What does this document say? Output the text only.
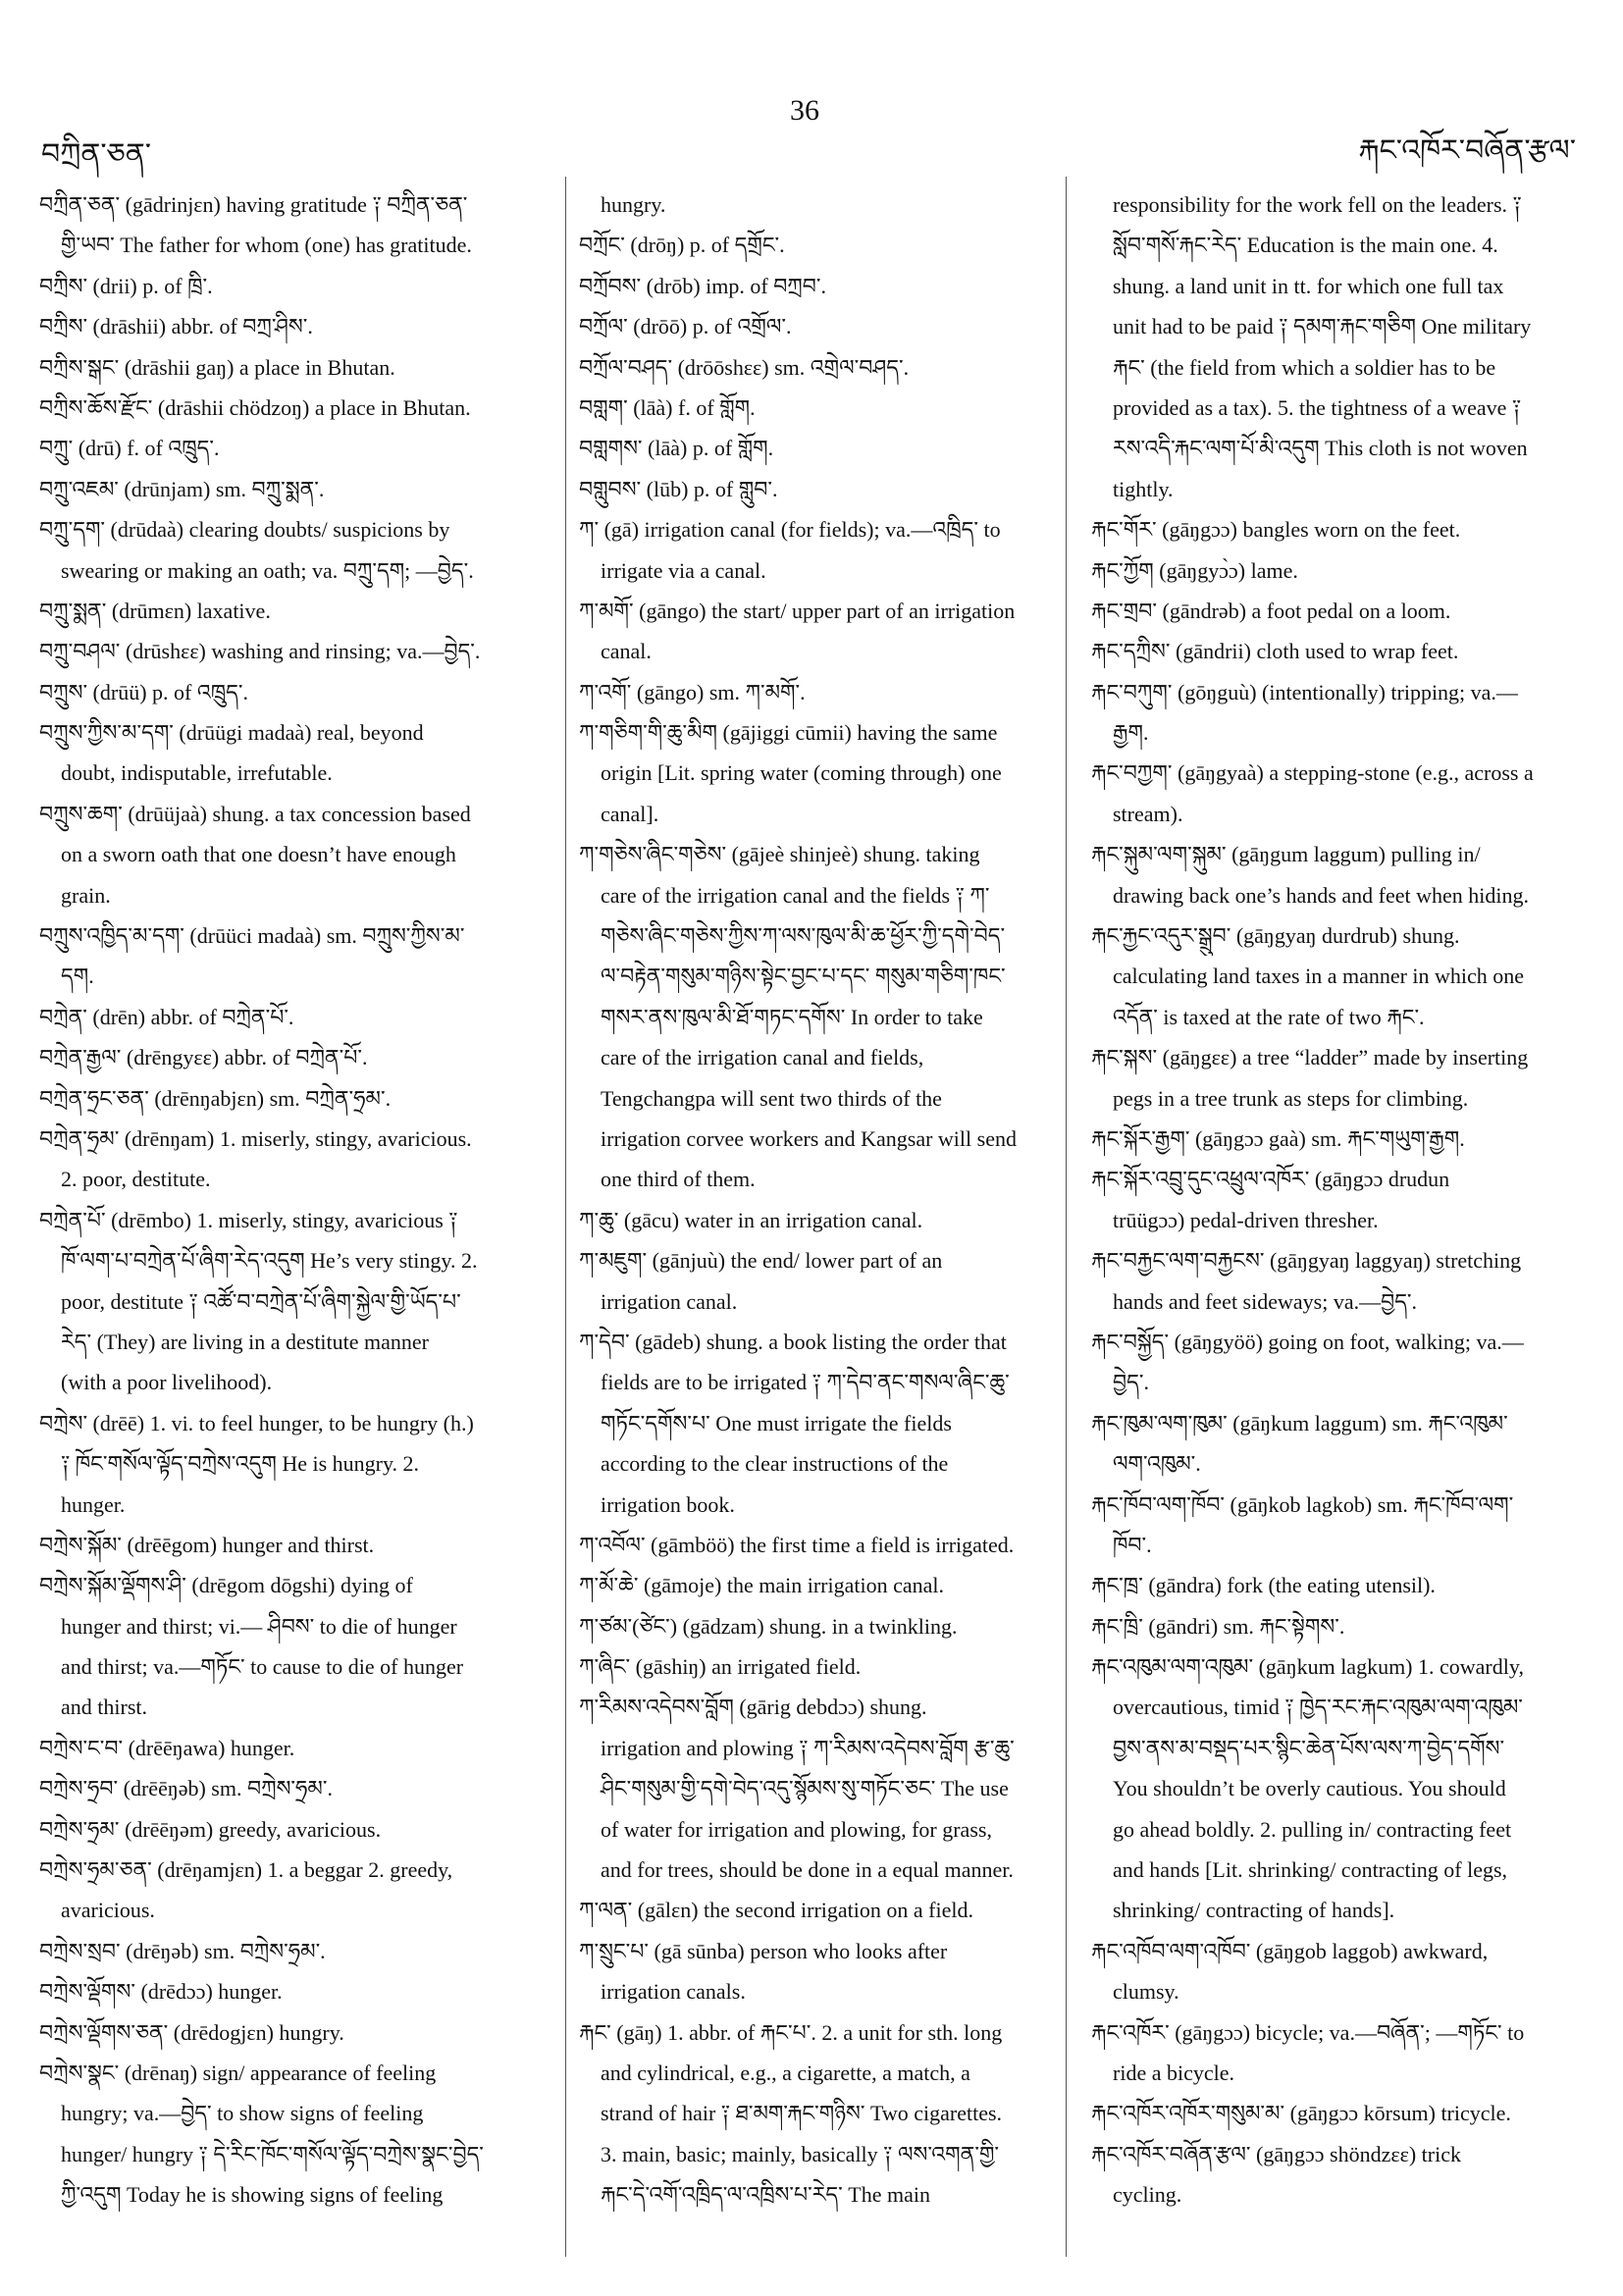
བཀྲིན་ཅན་
36
རྐང་འཁོར་བཞོན་རྩལ་
བཀྲིན་ཅན་ (gādrinjɛn) having gratitude ༑ བཀྲིན་ཅན་
གྱི་ཡབ་ The father for whom (one) has gratitude.
བཀྲིས་ (drii) p. of ཁྲི་.
བཀྲིས་ (drāshii) abbr. of བཀྲ་ཤིས་.
བཀྲིས་སྒང་ (drāshii gaŋ) a place in Bhutan.
བཀྲིས་ཆོས་རྫོང་ (drāshii chödzoŋ) a place in Bhutan.
བཀྲུ་ (drū) f. of འཁྲུད་.
བཀྲུ་འཇམ་ (drūnjam) sm. བཀྲུ་སྨན་.
བཀྲུ་དག་ (drūdaà) clearing doubts/ suspicions by
swearing or making an oath; va. བཀྲུ་དག; —བྱེད་.
བཀྲུ་སྨན་ (drūmɛn) laxative.
བཀྲུ་བཤལ་ (drūshɛɛ) washing and rinsing; va.—བྱེད་.
བཀྲུས་ (drūü) p. of འཁྲུད་.
བཀྲུས་ཀྱིས་མ་དག་ (drūügi madaà) real, beyond
doubt, indisputable, irrefutable.
བཀྲུས་ཆག་ (drūüjaà) shung. a tax concession based
on a sworn oath that one doesn’t have enough
grain.
བཀྲུས་འཁྱིད་མ་དག་ (drūüci madaà) sm. བཀྲུས་ཀྱིས་མ་
དག.
བཀྲེན་ (drēn) abbr. of བཀྲེན་པོ་.
བཀྲེན་རྒྱལ་ (drēngyɛɛ) abbr. of བཀྲེན་པོ་.
བཀྲེན་ཧྲང་ཅན་ (drēnŋabjɛn) sm. བཀྲེན་ཧྲམ་.
བཀྲེན་ཧྲམ་ (drēnŋam) 1. miserly, stingy, avaricious.
2. poor, destitute.
བཀྲེན་པོ་ (drēmbo) 1. miserly, stingy, avaricious ༑
ཁོ་ལག་པ་བཀྲེན་པོ་ཞིག་རེད་འདུག He’s very stingy. 2.
poor, destitute ༑ འཚོ་བ་བཀྲེན་པོ་ཞིག་སྐྱེལ་གྱི་ཡོད་པ་
རེད་ (They) are living in a destitute manner
(with a poor livelihood).
བཀྲེས་ (drēē) 1. vi. to feel hunger, to be hungry (h.)
༑ ཁོང་གསོལ་ལྟོད་བཀྲེས་འདུག He is hungry. 2.
hunger.
བཀྲེས་སྐོམ་ (drēēgom) hunger and thirst.
བཀྲེས་སྐོམ་ལྡོགས་ཤི་ (drēgom dōgshi) dying of
hunger and thirst; vi.— ཤིབས་ to die of hunger
and thirst; va.—གཏོང་ to cause to die of hunger
and thirst.
བཀྲེས་ང་བ་ (drēēŋawa) hunger.
བཀྲེས་ཧྲབ་ (drēēŋəb) sm. བཀྲེས་ཧྲམ་.
བཀྲེས་ཧྲམ་ (drēēŋəm) greedy, avaricious.
བཀྲེས་ཧྲམ་ཅན་ (drēŋamjɛn) 1. a beggar 2. greedy,
avaricious.
བཀྲེས་སྲབ་ (drēŋəb) sm. བཀྲེས་ཧྲམ་.
བཀྲེས་ལྡོགས་ (drēdɔɔ) hunger.
བཀྲེས་ལྡོགས་ཅན་ (drēdogjɛn) hungry.
བཀྲེས་སྣང་ (drēnaŋ) sign/ appearance of feeling
hungry; va.—བྱེད་ to show signs of feeling
hunger/ hungry ༑ དེ་རིང་ཁོང་གསོལ་ལྟོད་བཀྲེས་སྣང་བྱེད་
ཀྱི་འདུག Today he is showing signs of feeling
hungry.
བཀྲོང་ (drōŋ) p. of དགྲོང་.
བཀྲོབས་ (drōb) imp. of བཀྲབ་.
བཀྲོལ་ (drōō) p. of འགྲོལ་.
བཀྲོལ་བཤད་ (drōōshɛɛ) sm. འགྲེལ་བཤད་.
བགླག་ (lāà) f. of གློག.
བགླགས་ (lāà) p. of གློག.
བགླུབས་ (lūb) p. of གླུབ་.
ཀ་ (gā) irrigation canal (for fields); va.—འཁྲིད་ to
irrigate via a canal.
ཀ་མགོ་ (gāngo) the start/ upper part of an irrigation
canal.
ཀ་འགོ་ (gāngo) sm. ཀ་མགོ་.
ཀ་གཅིག་གི་ཆུ་མིག (gājiggi cūmii) having the same
origin [Lit. spring water (coming through) one
canal].
ཀ་གཅེས་ཞིང་གཅེས་ (gājeè shinjeè) shung. taking
care of the irrigation canal and the fields ༑ ཀ་
གཅེས་ཞིང་གཅེས་ཀྱིས་ཀ་ལས་ཁུལ་མི་ཆ་ཕྱོར་ཀྱི་དགེ་བེད་
ལ་བརྟེན་གསུམ་གཉིས་སྟེང་བྱང་པ་དང་ གསུམ་གཅིག་ཁང་
གསར་ནས་ཁུལ་མི་ཐོ་གཏང་དགོས་ In order to take
care of the irrigation canal and fields,
Tengchangpa will sent two thirds of the
irrigation corvee workers and Kangsar will send
one third of them.
ཀ་ཆུ་ (gācu) water in an irrigation canal.
ཀ་མཇུག་ (gānjuù) the end/ lower part of an
irrigation canal.
ཀ་དེབ་ (gādeb) shung. a book listing the order that
fields are to be irrigated ༑ ཀ་དེབ་ནང་གསལ་ཞིང་ཆུ་
གཏོང་དགོས་པ་ One must irrigate the fields
according to the clear instructions of the
irrigation book.
ཀ་འབོལ་ (gāmböö) the first time a field is irrigated.
ཀ་མོ་ཆེ་ (gāmoje) the main irrigation canal.
ཀ་ཙམ་(ཙེང་) (gādzam) shung. in a twinkling.
ཀ་ཞིང་ (gāshiŋ) an irrigated field.
ཀ་རིམས་འདེབས་བློག (gārig debdɔɔ) shung.
irrigation and plowing ༑ ཀ་རིམས་འདེབས་བློག རྩ་ཆུ་
ཤིང་གསུམ་གྱི་དགེ་བེད་འདུ་སྙོམས་སུ་གཏོང་ཅང་ The use
of water for irrigation and plowing, for grass,
and for trees, should be done in a equal manner.
ཀ་ལན་ (gālɛn) the second irrigation on a field.
ཀ་སྲུང་པ་ (gā sūnba) person who looks after
irrigation canals.
རྐང་ (gāŋ) 1. abbr. of རྐང་པ་. 2. a unit for sth. long
and cylindrical, e.g., a cigarette, a match, a
strand of hair ༑ ཐ་མག་རྐང་གཉིས་ Two cigarettes.
3. main, basic; mainly, basically ༑ ལས་འགན་གྱི་
རྐང་དེ་འགོ་འཁྲིད་ལ་འཁྲིས་པ་རེད་ The main
responsibility for the work fell on the leaders. ༑
སློབ་གསོ་རྐང་རེད་ Education is the main one. 4.
shung. a land unit in tt. for which one full tax
unit had to be paid ༑ དམག་རྐང་གཅིག One military
རྐང་ (the field from which a soldier has to be
provided as a tax). 5. the tightness of a weave ༑
རས་འདི་རྐང་ལག་པོ་མི་འདུག This cloth is not woven
tightly.
རྐང་གོར་ (gāŋgɔɔ) bangles worn on the feet.
རྐང་ཀྱོག (gāŋgyɔ̀ɔ) lame.
རྐང་གྲབ་ (gāndrəb) a foot pedal on a loom.
རྐང་དཀྲིས་ (gāndrii) cloth used to wrap feet.
རྐང་བཀུག་ (gōŋguù) (intentionally) tripping; va.—
རྒྱག.
རྐང་བཀྱག་ (gāŋgyaà) a stepping-stone (e.g., across a
stream).
རྐང་སྐུམ་ལག་སྐུམ་ (gāŋgum laggum) pulling in/
drawing back one’s hands and feet when hiding.
རྐང་རྐྱང་འདུར་སྒྲུབ་ (gāŋgyaŋ durdrub) shung.
calculating land taxes in a manner in which one
འདོན་ is taxed at the rate of two རྐང་.
རྐང་སྐས་ (gāŋgɛɛ) a tree “ladder” made by inserting
pegs in a tree trunk as steps for climbing.
རྐང་སྐོར་རྒྱག་ (gāŋgɔɔ gaà) sm. རྐང་གཡུག་རྒྱག.
རྐང་སྐོར་འབྲུ་དུང་འཕྲུལ་འཁོར་ (gāŋgɔɔ drudun
trūügɔɔ) pedal-driven thresher.
རྐང་བརྐྱང་ལག་བརྐྱངས་ (gāŋgyaŋ laggyaŋ) stretching
hands and feet sideways; va.—བྱེད་.
རྐང་བསྐྱོད་ (gāŋgyöö) going on foot, walking; va.—
བྱེད་.
རྐང་ཁུམ་ལག་ཁུམ་ (gāŋkum laggum) sm. རྐང་འཁུམ་
ལག་འཁུམ་.
རྐང་ཁོབ་ལག་ཁོབ་ (gāŋkob lagkob) sm. རྐང་ཁོབ་ལག་
ཁོབ་.
རྐང་ཁྲ་ (gāndra) fork (the eating utensil).
རྐང་ཁྲི་ (gāndri) sm. རྐང་སྟེགས་.
རྐང་འཁུམ་ལག་འཁུམ་ (gāŋkum lagkum) 1. cowardly,
overcautious, timid ༑ ཁྱེད་རང་རྐང་འཁུམ་ལག་འཁུམ་
བྱས་ནས་མ་བསྡད་པར་སྙིང་ཆེན་པོས་ལས་ཀ་བྱེད་དགོས་
You shouldn’t be overly cautious. You should
go ahead boldly. 2. pulling in/ contracting feet
and hands [Lit. shrinking/ contracting of legs,
shrinking/ contracting of hands].
རྐང་འཁོབ་ལག་འཁོབ་ (gāŋgob laggob) awkward,
clumsy.
རྐང་འཁོར་ (gāŋgɔɔ) bicycle; va.—བཞོན་; —གཏོང་ to
ride a bicycle.
རྐང་འཁོར་འཁོར་གསུམ་མ་ (gāŋgɔɔ kōrsum) tricycle.
རྐང་འཁོར་བཞོན་རྩལ་ (gāŋgɔɔ shöndzɛɛ) trick
cycling.
